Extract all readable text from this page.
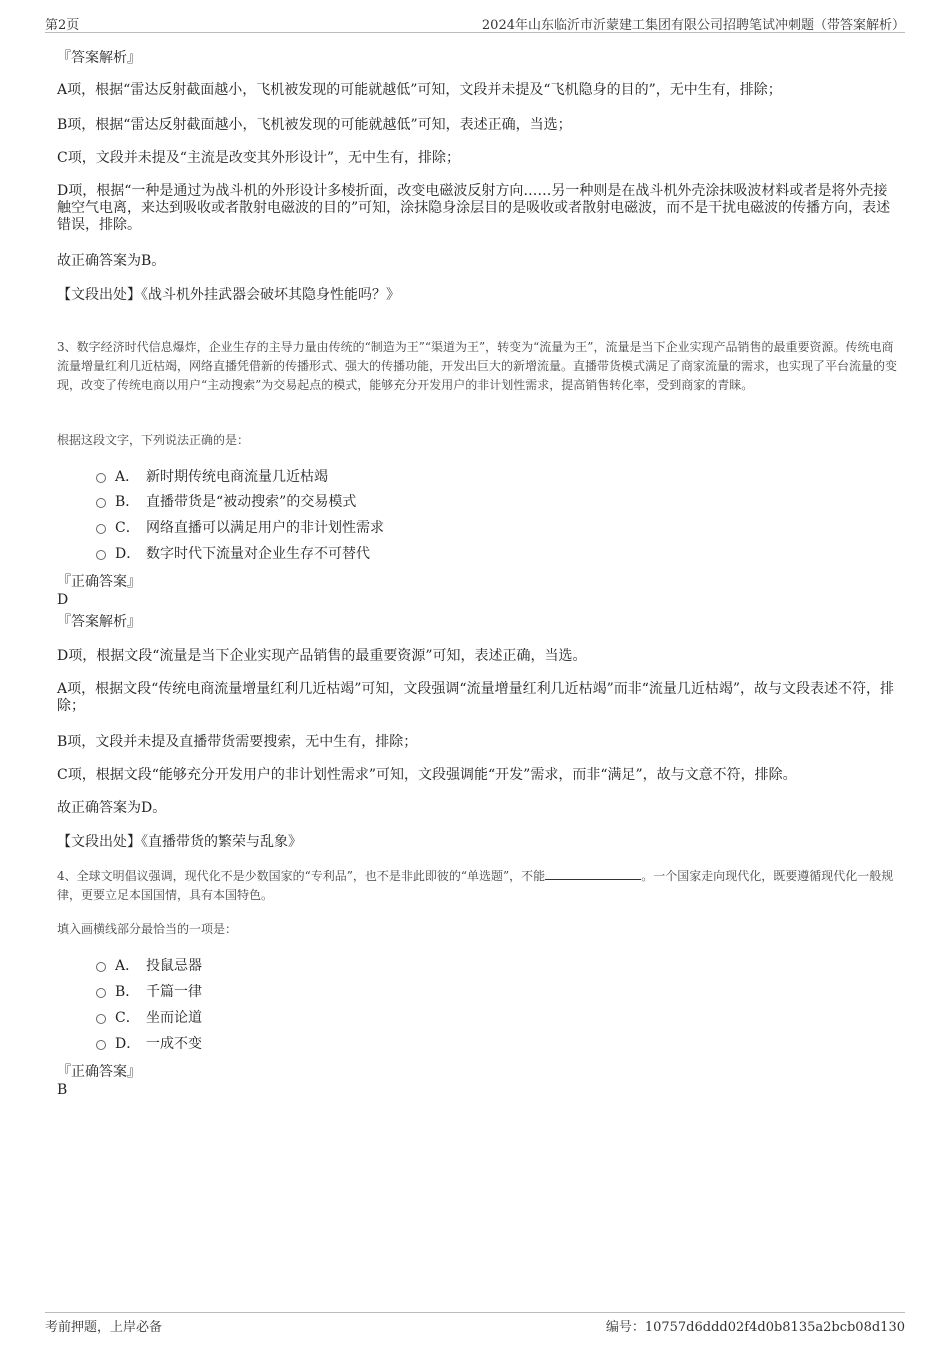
第2页	2024年山东临沂市沂蒙建工集团有限公司招聘笔试冲刺题（带答案解析）
『答案解析』
A项，根据“雷达反射截面越小，飞机被发现的可能就越低”可知，文段并未提及“飞机隐身的目的”，无中生有，排除；
B项，根据“雷达反射截面越小，飞机被发现的可能就越低”可知，表述正确，当选；
C项，文段并未提及“主流是改变其外形设计”，无中生有，排除；
D项，根据“一种是通过为战斗机的外形设计多棱折面，改变电磁波反射方向……另一种则是在战斗机外壳涂抹吸波材料或者是将外壳接触空气电离，来达到吸收或者散射电磁波的目的”可知，涂抹隐身涂层目的是吸收或者散射电磁波，而不是干扰电磁波的传播方向，表述错误，排除。
故正确答案为B。
【文段出处】《战斗机外挂武器会破坏其隐身性能吗？》
3、数字经济时代信息爆炸，企业生存的主导力量由传统的“制造为王”“渠道为王”，转变为“流量为王”，流量是当下企业实现产品销售的最重要资源。传统电商流量增量红利几近枯竭，网络直播凭借新的传播形式、强大的传播功能，开发出巨大的新增流量。直播带货模式满足了商家流量的需求，也实现了平台流量的变现，改变了传统电商以用户“主动搜索”为交易起点的模式，能够充分开发用户的非计划性需求，提高销售转化率，受到商家的青睐。
根据这段文字，下列说法正确的是：
A． 新时期传统电商流量几近枯竭
B． 直播带货是“被动搜索”的交易模式
C． 网络直播可以满足用户的非计划性需求
D． 数字时代下流量对企业生存不可替代
『正确答案』
D
『答案解析』
D项，根据文段“流量是当下企业实现产品销售的最重要资源”可知，表述正确，当选。
A项，根据文段“传统电商流量增量红利几近枯竭”可知，文段强调“流量增量红利几近枯竭”而非“流量几近枯竭”，故与文段表述不符，排除；
B项，文段并未提及直播带货需要搜索，无中生有，排除；
C项，根据文段“能够充分开发用户的非计划性需求”可知，文段强调能“开发”需求，而非“满足”，故与文意不符，排除。
故正确答案为D。
【文段出处】《直播带货的繁荣与乱象》
4、全球文明倡议强调，现代化不是少数国家的“专利品”，也不是非此即彼的“单选题”，不能	。一个国家走向现代化，既要遵循现代化一般规律，更要立足本国国情，具有本国特色。
填入画横线部分最恰当的一项是：
A． 投鼠忌器
B． 千篇一律
C． 坐而论道
D． 一成不变
『正确答案』
B
考前押题，上岸必备	编号：10757d6ddd02f4d0b8135a2bcb08d130
